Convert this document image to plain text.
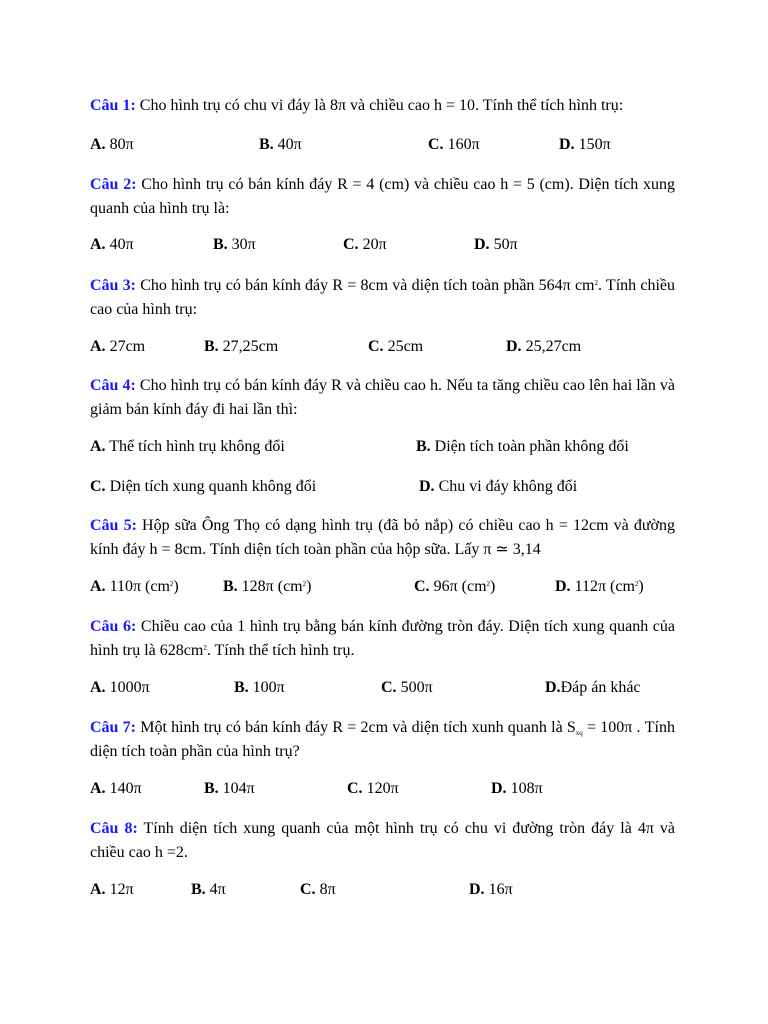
Câu 1: Cho hình trụ có chu vi đáy là 8π và chiều cao h = 10. Tính thể tích hình trụ:

A. 80π	B. 40π	C. 160π	D. 150π

Câu 2: Cho hình trụ có bán kính đáy R = 4 (cm) và chiều cao h = 5 (cm). Diện tích xung quanh của hình trụ là:

A. 40π	B. 30π	C. 20π	D. 50π

Câu 3: Cho hình trụ có bán kính đáy R = 8cm và diện tích toàn phần 564π $cm^2$. Tính chiều cao của hình trụ:

A. 27cm	B. 27,25cm	C. 25cm	D. 25,27cm

Câu 4: Cho hình trụ có bán kính đáy R và chiều cao h. Nếu ta tăng chiều cao lên hai lần và giảm bán kính đáy đi hai lần thì:

A. Thể tích hình trụ không đổi	B. Diện tích toàn phần không đổi
C. Diện tích xung quanh không đổi	D. Chu vi đáy không đổi

Câu 5: Hộp sữa Ông Thọ có dạng hình trụ (đã bỏ nắp) có chiều cao h = 12cm và đường kính đáy h = 8cm. Tính diện tích toàn phần của hộp sữa. Lấy π ≃ 3,14

A. 110π $(cm^2)$	B. 128π $(cm^2)$	C. 96π $(cm^2)$	D. 112π $(cm^2)$

Câu 6: Chiều cao của 1 hình trụ bằng bán kính đường tròn đáy. Diện tích xung quanh của hình trụ là $628cm^2$. Tính thể tích hình trụ.

A. 1000π	B. 100π	C. 500π	D.Đáp án khác

Câu 7: Một hình trụ có bán kính đáy R = 2cm và diện tích xunh quanh là $S_{xq} = 100\pi$ . Tính diện tích toàn phần của hình trụ?

A. 140π	B. 104π	C. 120π	D. 108π

Câu 8: Tính diện tích xung quanh của một hình trụ có chu vi đường tròn đáy là 4π và chiều cao h =2.

A. 12π	B. 4π	C. 8π	D. 16π
